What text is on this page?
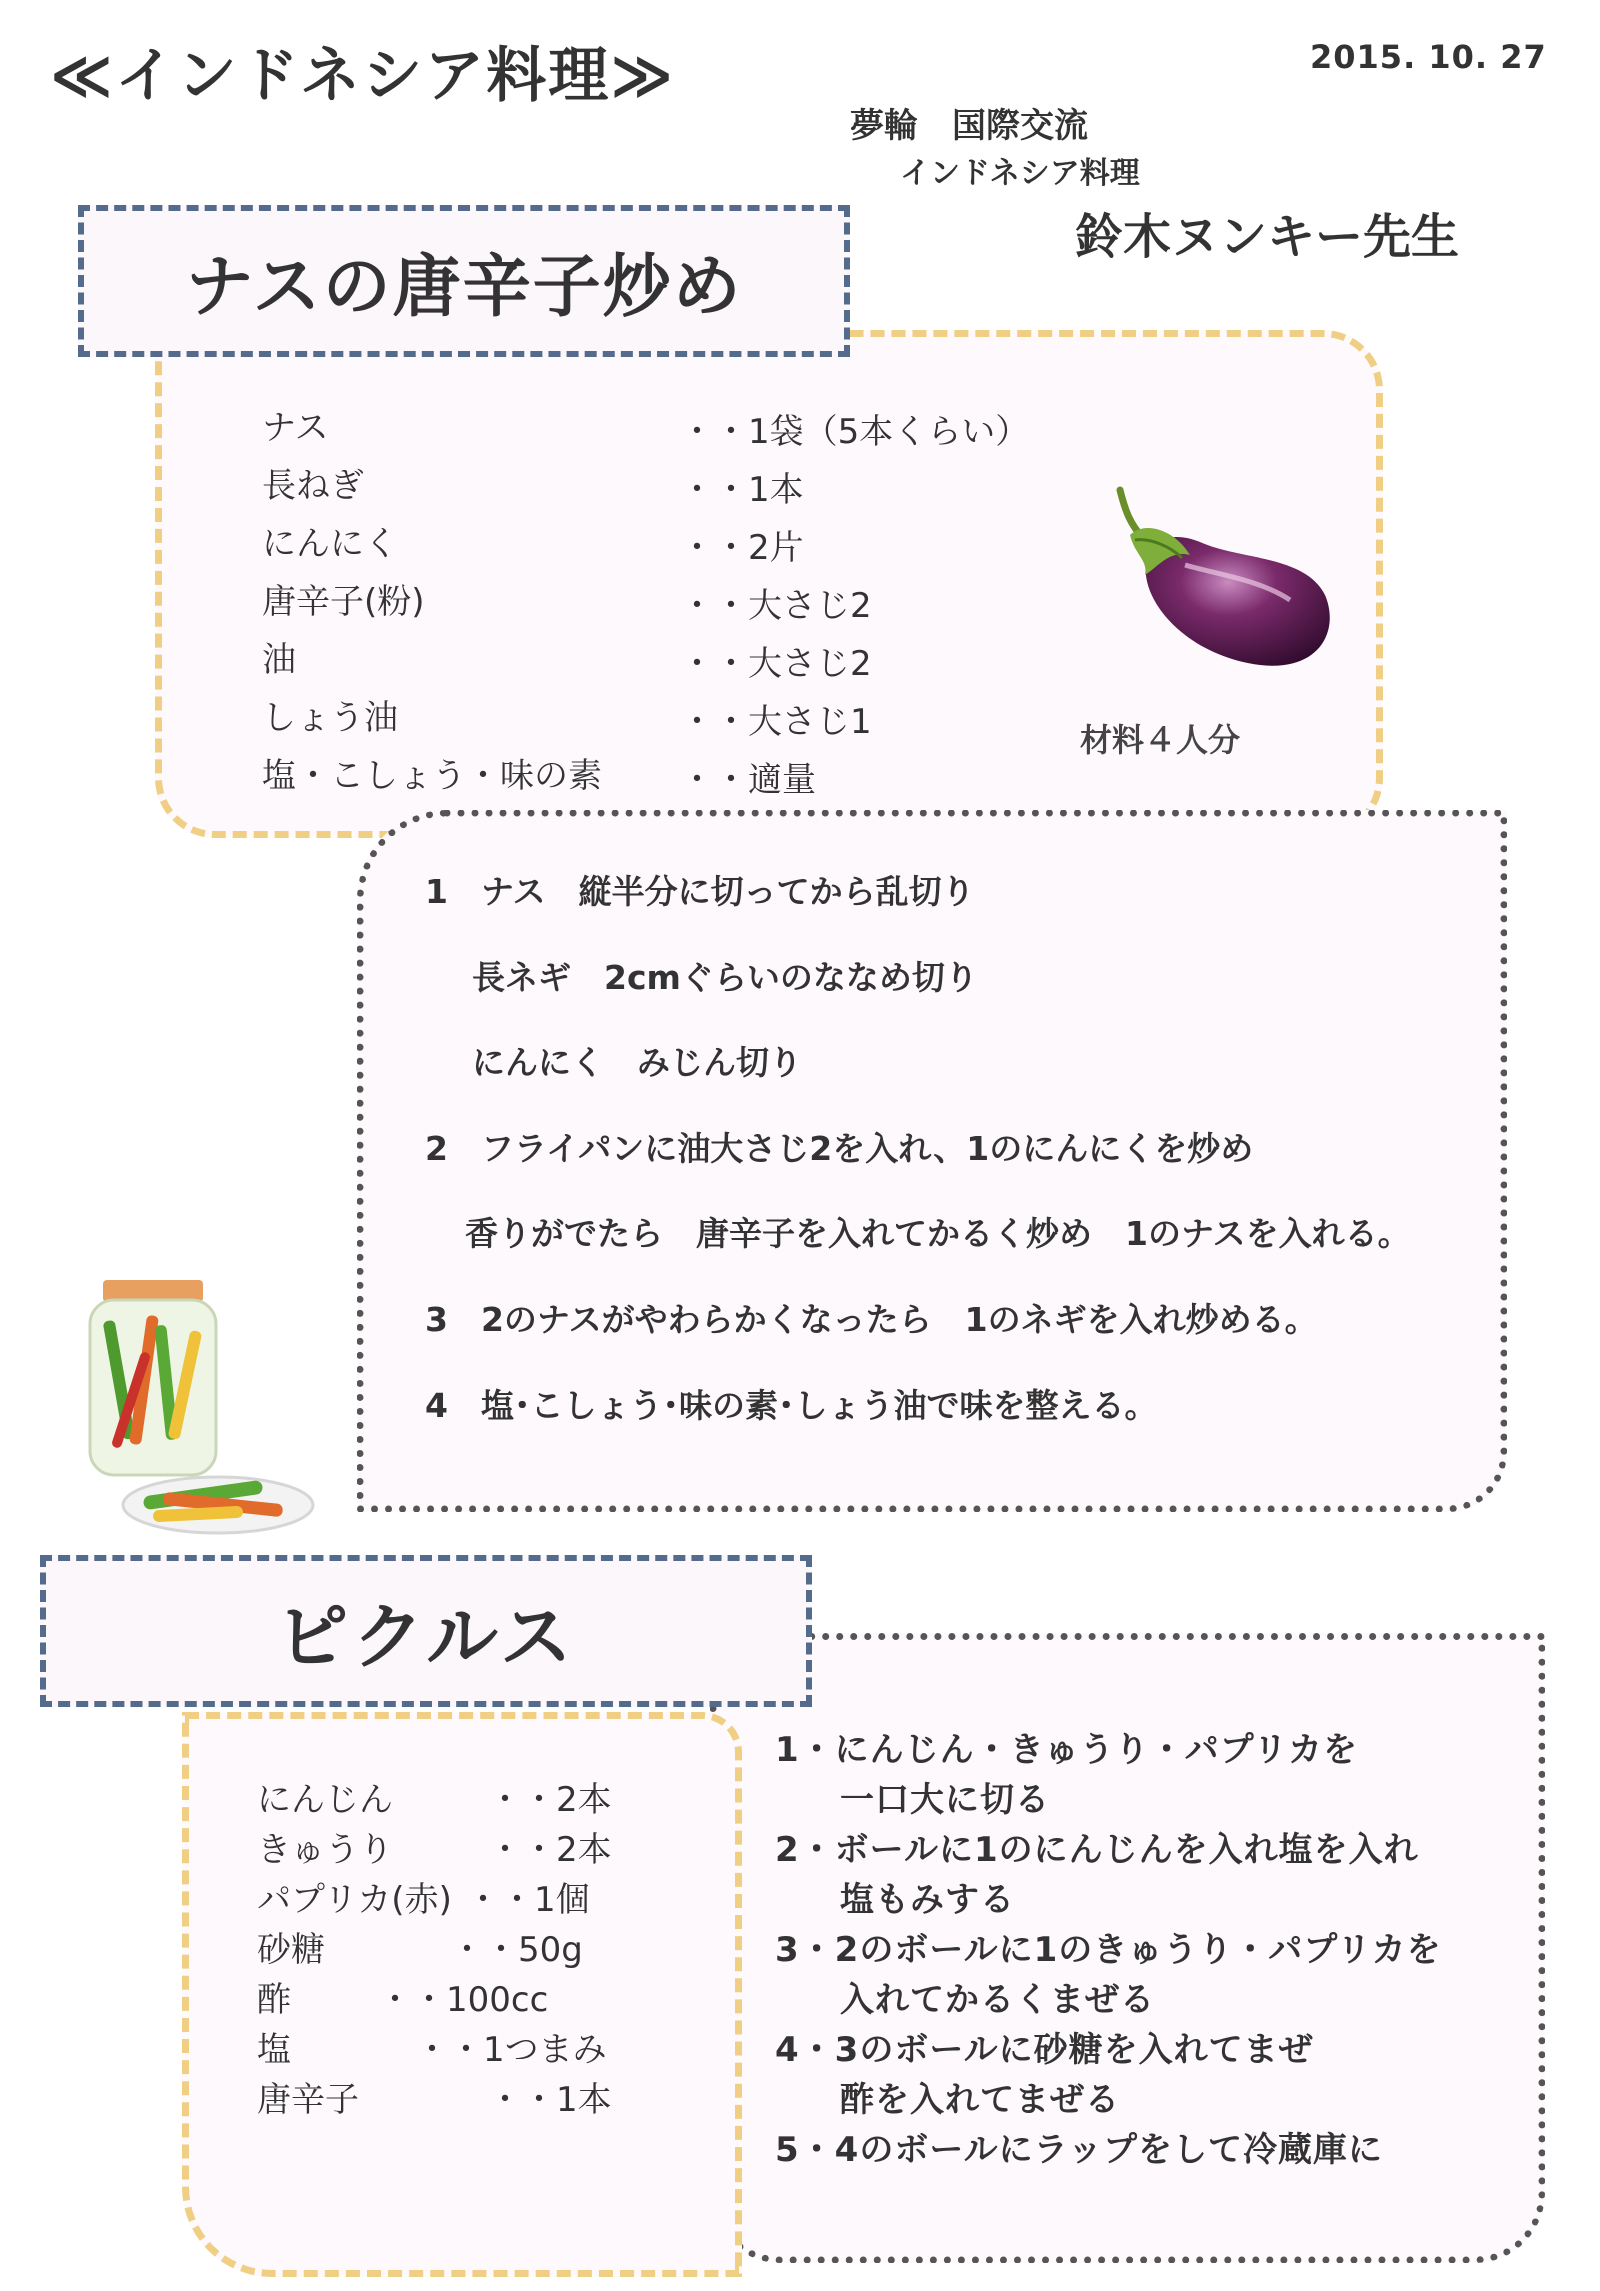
≪インドネシア料理≫	2015. 10. 27
夢輪　国際交流
インドネシア料理
鈴木ヌンキー先生
ナスの唐辛子炒め
ナス	・・1袋（5本くらい）
長ねぎ	・・1本
にんにく	・・2片
唐辛子(粉)	・・大さじ2
油	・・大さじ2
しょう油	・・大さじ1
塩・こしょう・味の素 ・・適量
材料４人分
1　ナス　縦半分に切ってから乱切り
長ネギ　2cmぐらいのななめ切り
にんにく　みじん切り
2　フライパンに油大さじ2を入れ、1のにんにくを炒め
香りがでたら　唐辛子を入れてかるく炒め　1のナスを入れる。
3　2のナスがやわらかくなったら　1のネギを入れ炒める。
4　塩･こしょう･味の素･しょう油で味を整える。
ピクルス
にんじん	・・2本
きゅうり	・・2本
パプリカ(赤) ・・1個
砂糖	・・50g
酢	・・100cc
塩	・・1つまみ
唐辛子	・・1本
1・にんじん・きゅうり・パプリカを
一口大に切る
2・ボールに1のにんじんを入れ塩を入れ
塩もみする
3・2のボールに1のきゅうり・パプリカを
入れてかるくまぜる
4・3のボールに砂糖を入れてまぜ
酢を入れてまぜる
5・4のボールにラップをして冷蔵庫に
